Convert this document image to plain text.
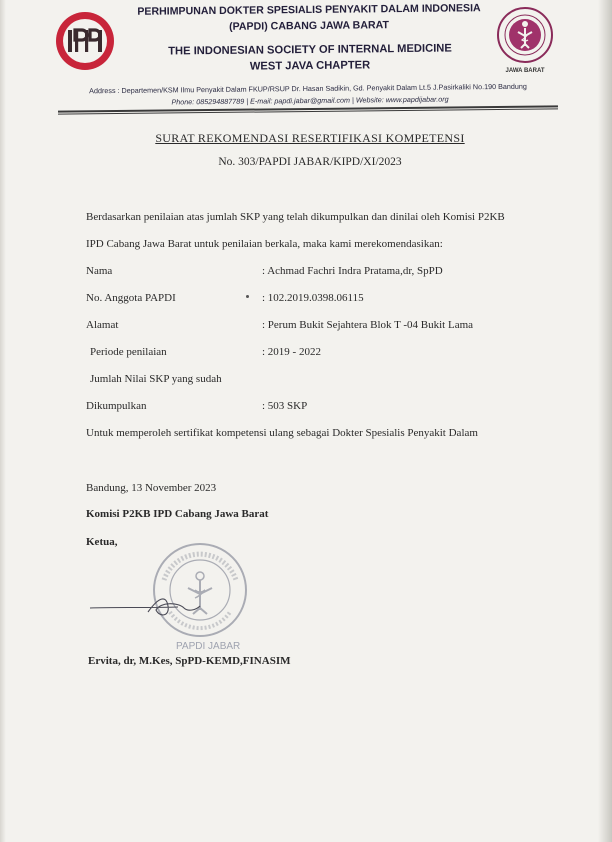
JAWA BARAT
PERHIMPUNAN DOKTER SPESIALIS PENYAKIT DALAM INDONESIA
(PAPDI) CABANG JAWA BARAT
THE INDONESIAN SOCIETY OF INTERNAL MEDICINE
WEST JAVA CHAPTER
Address : Departemen/KSM Ilmu Penyakit Dalam FKUP/RSUP Dr. Hasan Sadikin, Gd. Penyakit Dalam Lt.5 J.Pasirkaliki No.190 Bandung
Phone: 085294887789 | E-mail: papdi.jabar@gmail.com | Website: www.papdijabar.org
SURAT REKOMENDASI RESERTIFIKASI KOMPETENSI
No. 303/PAPDI JABAR/KIPD/XI/2023
Berdasarkan penilaian atas jumlah SKP yang telah dikumpulkan dan dinilai oleh Komisi P2KB
IPD Cabang Jawa Barat untuk penilaian berkala, maka kami merekomendasikan:
Nama	: Achmad Fachri Indra Pratama,dr, SpPD
No. Anggota PAPDI	: 102.2019.0398.06115
Alamat	: Perum Bukit Sejahtera Blok T -04 Bukit Lama
Periode penilaian	: 2019 - 2022
Jumlah Nilai SKP yang sudah
Dikumpulkan	: 503 SKP
Untuk memperoleh sertifikat kompetensi ulang sebagai Dokter Spesialis Penyakit Dalam
Bandung, 13 November 2023
Komisi P2KB IPD Cabang Jawa Barat
Ketua,
PAPDI JABAR
Ervita, dr, M.Kes, SpPD-KEMD,FINASIM
